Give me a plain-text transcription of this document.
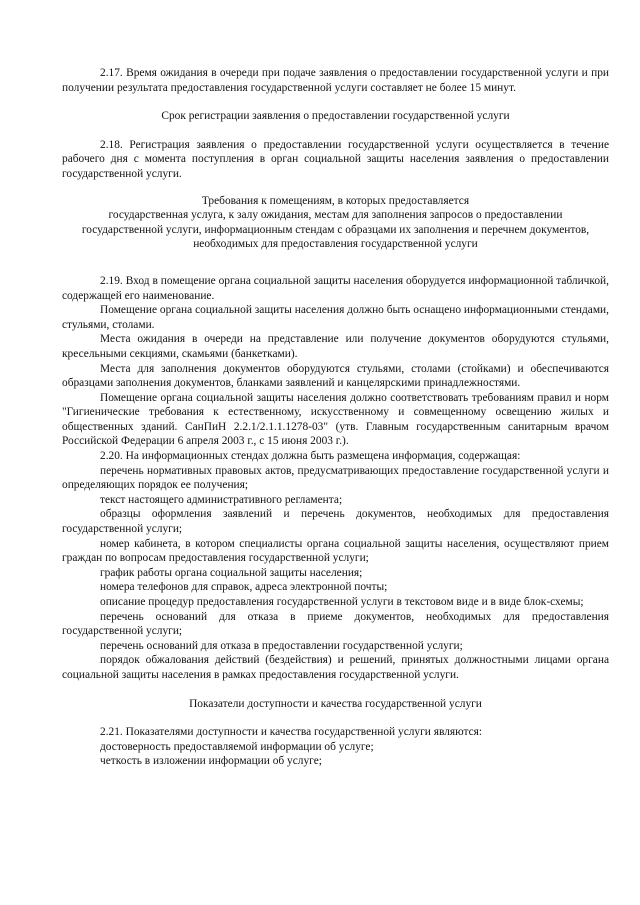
2.17. Время ожидания в очереди при подаче заявления о предоставлении государственной услуги и при получении результата предоставления государственной услуги составляет не более 15 минут.

Срок регистрации заявления о предоставлении государственной услуги

2.18. Регистрация заявления о предоставлении государственной услуги осуществляется в течение рабочего дня с момента поступления в орган социальной защиты населения заявления о предоставлении государственной услуги.

Требования к помещениям, в которых предоставляется

государственная услуга, к залу ожидания, местам для заполнения запросов о предоставлении государственной услуги, информационным стендам с образцами их заполнения и перечнем документов, необходимых для предоставления государственной услуги

2.19. Вход в помещение органа социальной защиты населения оборудуется информационной табличкой, содержащей его наименование.

Помещение органа социальной защиты населения должно быть оснащено информационными стендами, стульями, столами.

Места ожидания в очереди на представление или получение документов оборудуются стульями, кресельными секциями, скамьями (банкетками).

Места для заполнения документов оборудуются стульями, столами (стойками) и обеспечиваются образцами заполнения документов, бланками заявлений и канцелярскими принадлежностями.

Помещение органа социальной защиты населения должно соответствовать требованиям правил и норм "Гигиенические требования к естественному, искусственному и совмещенному освещению жилых и общественных зданий. СанПиН 2.2.1/2.1.1.1278-03" (утв. Главным государственным санитарным врачом Российской Федерации 6 апреля 2003 г., с 15 июня 2003 г.).

2.20. На информационных стендах должна быть размещена информация, содержащая:

перечень нормативных правовых актов, предусматривающих предоставление государственной услуги и определяющих порядок ее получения;

текст настоящего административного регламента;

образцы оформления заявлений и перечень документов, необходимых для предоставления государственной услуги;

номер кабинета, в котором специалисты органа социальной защиты населения, осуществляют прием граждан по вопросам предоставления государственной услуги;

график работы органа социальной защиты населения;

номера телефонов для справок, адреса электронной почты;

описание процедур предоставления государственной услуги в текстовом виде и в виде блок-схемы;

перечень оснований для отказа в приеме документов, необходимых для предоставления государственной услуги;

перечень оснований для отказа в предоставлении государственной услуги;

порядок обжалования действий (бездействия) и решений, принятых должностными лицами органа социальной защиты населения в рамках предоставления государственной услуги.

Показатели доступности и качества государственной услуги

2.21. Показателями доступности и качества государственной услуги являются:

достоверность предоставляемой информации об услуге;

четкость в изложении информации об услуге;
